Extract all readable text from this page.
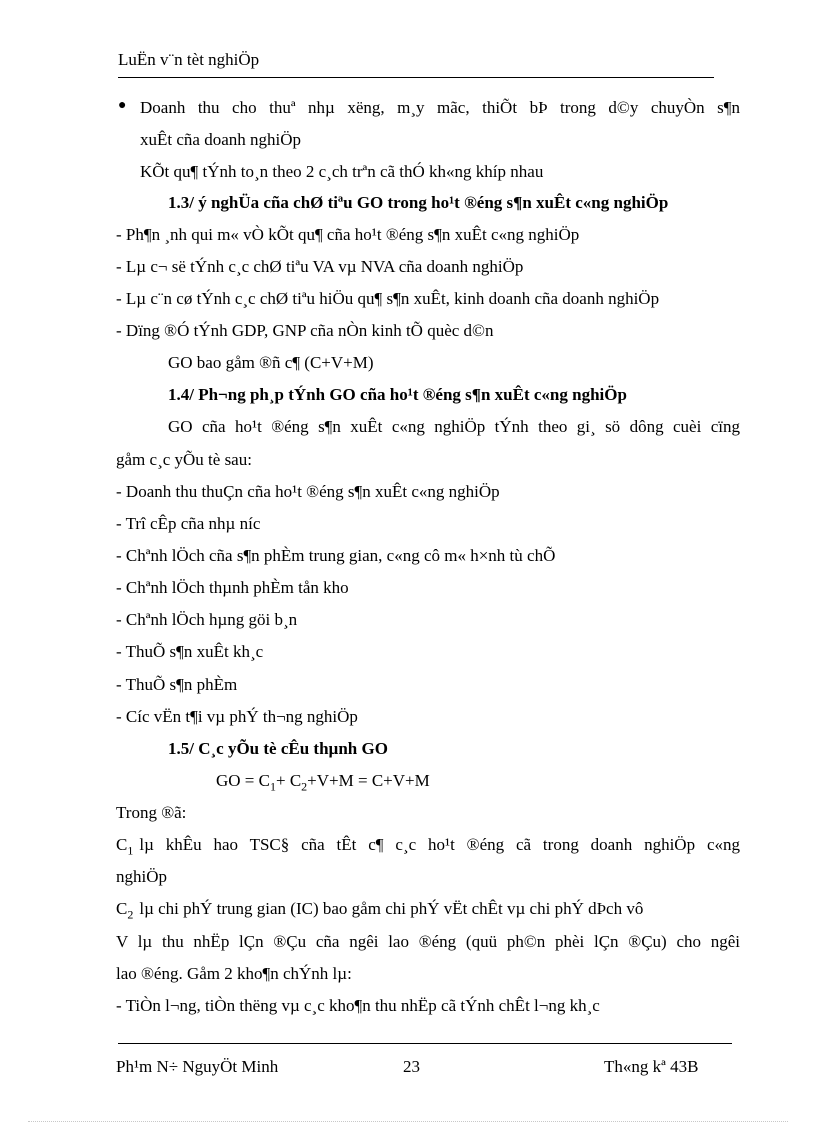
LuËn v¨n tèt nghiÖp
● Doanh thu cho thuª nhµ xëng, m¸y mãc, thiÕt bÞ trong d©y chuyÒn s¶n
xuÊt cña doanh nghiÖp
KÕt qu¶ tÝnh to¸n theo 2 c¸ch trªn cã thÓ kh«ng khíp nhau
1.3/ ý nghÜa cña chØ tiªu GO trong ho¹t ®éng s¶n xuÊt c«ng nghiÖp
- Ph¶n ¸nh qui m« vÒ kÕt qu¶ cña ho¹t ®éng s¶n xuÊt c«ng nghiÖp
- Lµ c¬ së tÝnh c¸c chØ tiªu VA vµ NVA cña doanh nghiÖp
- Lµ c¨n cø tÝnh c¸c chØ tiªu hiÖu qu¶ s¶n xuÊt, kinh doanh cña doanh nghiÖp
- Dïng ®Ó tÝnh GDP, GNP cña nÒn kinh tÕ quèc d©n
GO bao gåm ®ñ c¶ (C+V+M)
1.4/ Ph¬ng ph¸p tÝnh GO cña ho¹t ®éng s¶n xuÊt c«ng nghiÖp
GO cña ho¹t ®éng s¶n xuÊt c«ng nghiÖp tÝnh theo gi¸ sö dông cuèi cïng
gåm c¸c yÕu tè sau:
- Doanh thu thuÇn cña ho¹t ®éng s¶n xuÊt c«ng nghiÖp
- Trî cÊp cña nhµ níc
- Chªnh lÖch cña s¶n phÈm trung gian, c«ng cô m« h×nh tù chÕ
- Chªnh lÖch thµnh phÈm tån kho
- Chªnh lÖch hµng göi b¸n
- ThuÕ s¶n xuÊt kh¸c
- ThuÕ s¶n phÈm
- Cíc vËn t¶i vµ phÝ th¬ng nghiÖp
1.5/ C¸c yÕu tè cÊu thµnh GO
GO = $C_1+ C_2+V+M = C+V+M$
Trong ®ã:
$C_1$ lµ khÊu hao TSC§ cña tÊt c¶ c¸c ho¹t ®éng cã trong doanh nghiÖp c«ng
nghiÖp
$C_2$ lµ chi phÝ trung gian (IC) bao gåm chi phÝ vËt chÊt vµ chi phÝ dÞch vô
V lµ thu nhËp lÇn ®Çu cña ngêi lao ®éng (quü ph©n phèi lÇn ®Çu) cho ngêi
lao ®éng. Gåm 2 kho¶n chÝnh lµ:
- TiÒn l¬ng, tiÒn thëng vµ c¸c kho¶n thu nhËp cã tÝnh chÊt l¬ng kh¸c
Ph¹m N÷ NguyÖt Minh	23	Th«ng kª 43B
